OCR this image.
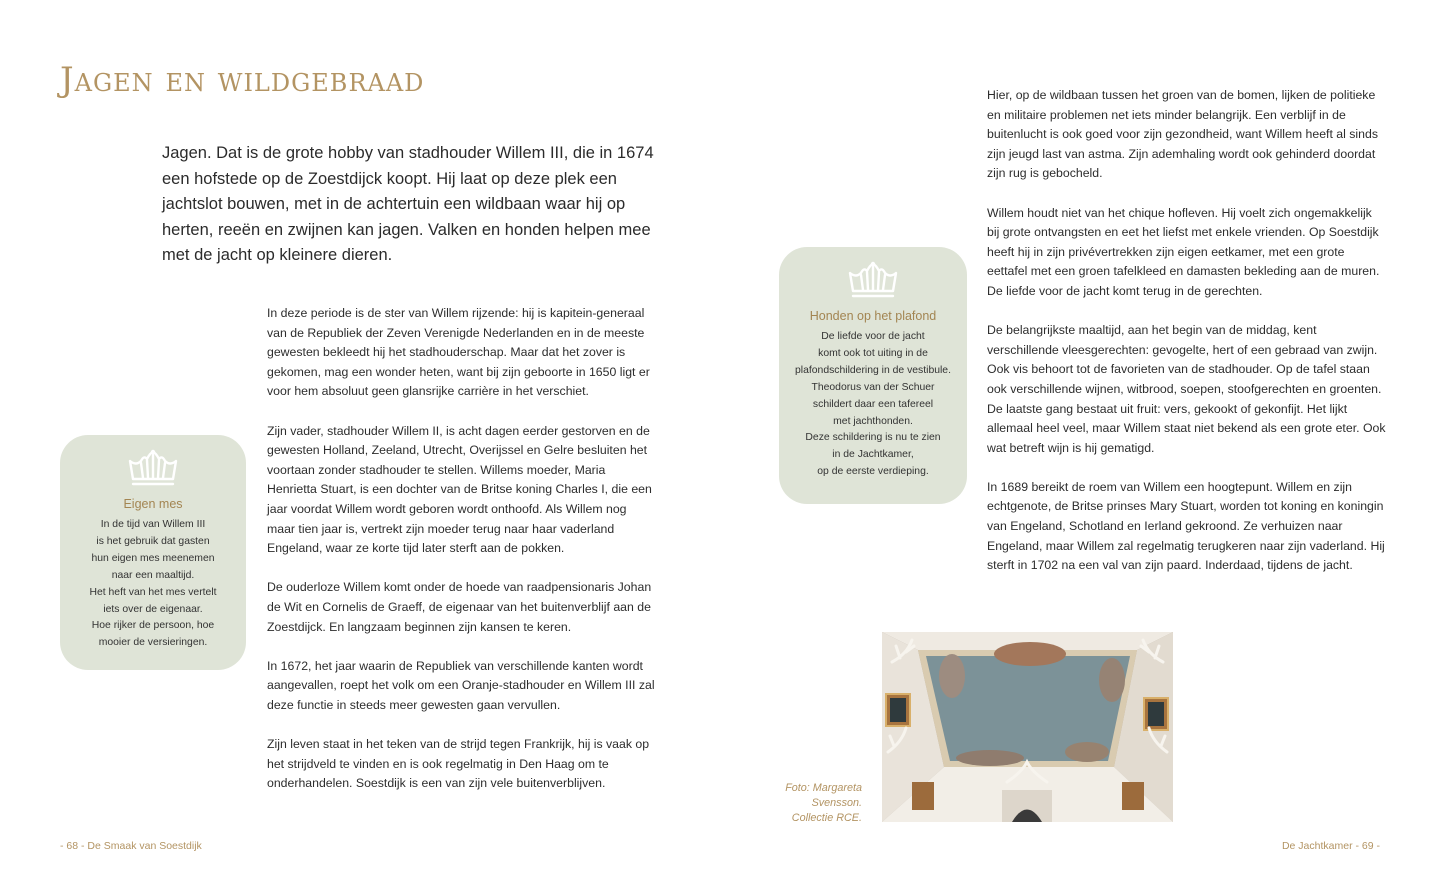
Jagen en wildgebraad

Jagen. Dat is de grote hobby van stadhouder Willem III, die in 1674 een hofstede op de Zoestdijck koopt. Hij laat op deze plek een jachtslot bouwen, met in de achtertuin een wildbaan waar hij op herten, reeën en zwijnen kan jagen. Valken en honden helpen mee met de jacht op kleinere dieren.

In deze periode is de ster van Willem rijzende: hij is kapitein-generaal van de Republiek der Zeven Verenigde Nederlanden en in de meeste gewesten bekleedt hij het stadhouderschap. Maar dat het zover is gekomen, mag een wonder heten, want bij zijn geboorte in 1650 ligt er voor hem absoluut geen glansrijke carrière in het verschiet.

Zijn vader, stadhouder Willem II, is acht dagen eerder gestorven en de gewesten Holland, Zeeland, Utrecht, Overijssel en Gelre besluiten het voortaan zonder stadhouder te stellen. Willems moeder, Maria Henrietta Stuart, is een dochter van de Britse koning Charles I, die een jaar voordat Willem wordt geboren wordt onthoofd. Als Willem nog maar tien jaar is, vertrekt zijn moeder terug naar haar vaderland Engeland, waar ze korte tijd later sterft aan de pokken.

De ouderloze Willem komt onder de hoede van raadpensionaris Johan de Wit en Cornelis de Graeff, de eigenaar van het buitenverblijf aan de Zoestdijck. En langzaam beginnen zijn kansen te keren.

In 1672, het jaar waarin de Republiek van verschillende kanten wordt aangevallen, roept het volk om een Oranje-stadhouder en Willem III zal deze functie in steeds meer gewesten gaan vervullen.

Zijn leven staat in het teken van de strijd tegen Frankrijk, hij is vaak op het strijdveld te vinden en is ook regelmatig in Den Haag om te onderhandelen. Soestdijk is een van zijn vele buitenverblijven.

Hier, op de wildbaan tussen het groen van de bomen, lijken de politieke en militaire problemen net iets minder belangrijk. Een verblijf in de buitenlucht is ook goed voor zijn gezondheid, want Willem heeft al sinds zijn jeugd last van astma. Zijn ademhaling wordt ook gehinderd doordat zijn rug is gebocheld.

Willem houdt niet van het chique hofleven. Hij voelt zich ongemakkelijk bij grote ontvangsten en eet het liefst met enkele vrienden. Op Soestdijk heeft hij in zijn privévertrekken zijn eigen eetkamer, met een grote eettafel met een groen tafelkleed en damasten bekleding aan de muren. De liefde voor de jacht komt terug in de gerechten.

De belangrijkste maaltijd, aan het begin van de middag, kent verschillende vleesgerechten: gevogelte, hert of een gebraad van zwijn. Ook vis behoort tot de favorieten van de stadhouder. Op de tafel staan ook verschillende wijnen, witbrood, soepen, stoofgerechten en groenten. De laatste gang bestaat uit fruit: vers, gekookt of gekonfijt. Het lijkt allemaal heel veel, maar Willem staat niet bekend als een grote eter. Ook wat betreft wijn is hij gematigd.

In 1689 bereikt de roem van Willem een hoogtepunt. Willem en zijn echtgenote, de Britse prinses Mary Stuart, worden tot koning en koningin van Engeland, Schotland en Ierland gekroond. Ze verhuizen naar Engeland, maar Willem zal regelmatig terugkeren naar zijn vaderland. Hij sterft in 1702 na een val van zijn paard. Inderdaad, tijdens de jacht.

Eigen mes
In de tijd van Willem III
is het gebruik dat gasten
hun eigen mes meenemen
naar een maaltijd.
Het heft van het mes vertelt
iets over de eigenaar.
Hoe rijker de persoon, hoe
mooier de versieringen.
Honden op het plafond
De liefde voor de jacht
komt ook tot uiting in de
plafondschildering in de vestibule.
Theodorus van der Schuer
schildert daar een tafereel
met jachthonden.
Deze schildering is nu te zien
in de Jachtkamer,
op de eerste verdieping.
Foto: Margareta
Svensson.
Collectie RCE.
- 68 - De Smaak van Soestdijk	De Jachtkamer - 69 -
